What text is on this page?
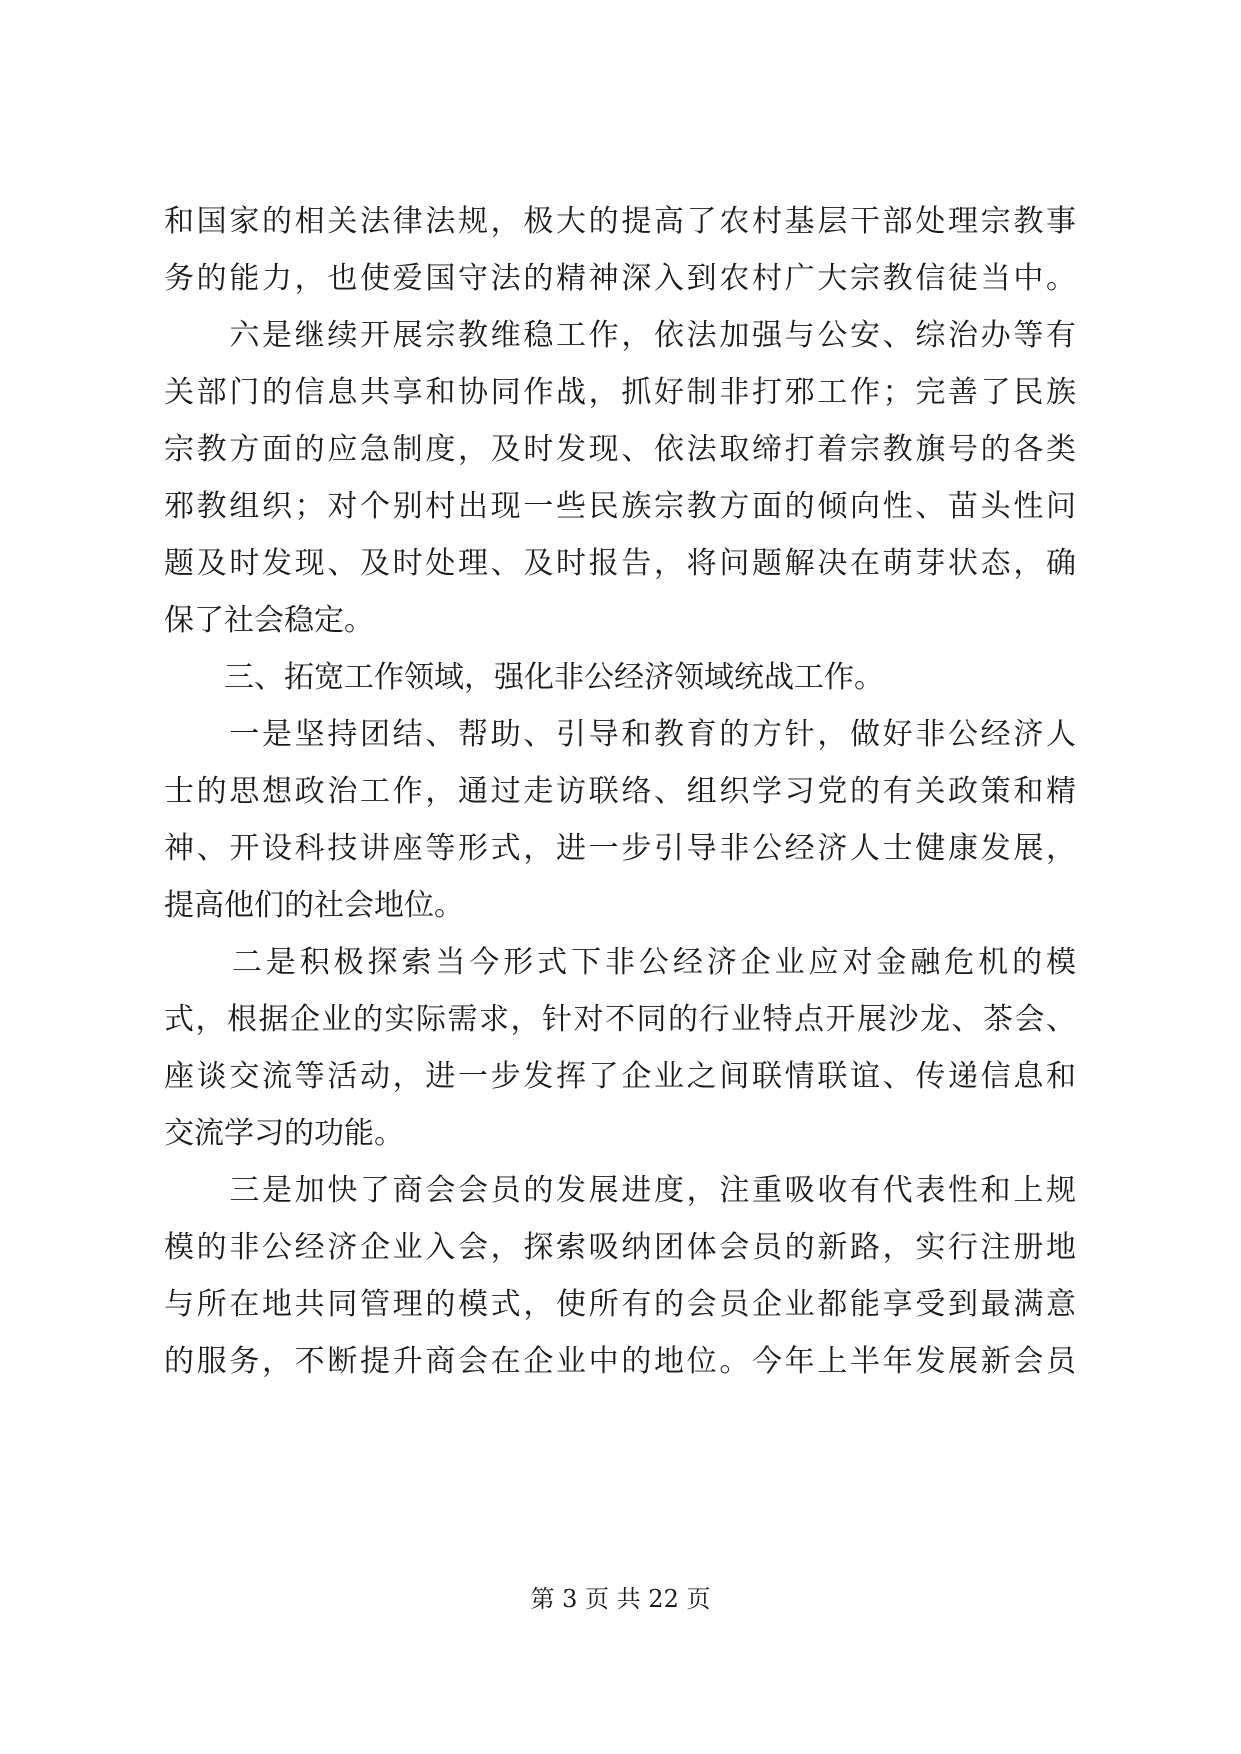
和国家的相关法律法规，极大的提高了农村基层干部处理宗教事
务的能力，也使爱国守法的精神深入到农村广大宗教信徒当中。
　　六是继续开展宗教维稳工作，依法加强与公安、综治办等有
关部门的信息共享和协同作战，抓好制非打邪工作；完善了民族
宗教方面的应急制度，及时发现、依法取缔打着宗教旗号的各类
邪教组织；对个别村出现一些民族宗教方面的倾向性、苗头性问
题及时发现、及时处理、及时报告，将问题解决在萌芽状态，确
保了社会稳定。
　　三、拓宽工作领域，强化非公经济领域统战工作。
　　一是坚持团结、帮助、引导和教育的方针，做好非公经济人
士的思想政治工作，通过走访联络、组织学习党的有关政策和精
神、开设科技讲座等形式，进一步引导非公经济人士健康发展，
提高他们的社会地位。
　　二是积极探索当今形式下非公经济企业应对金融危机的模
式，根据企业的实际需求，针对不同的行业特点开展沙龙、茶会、
座谈交流等活动，进一步发挥了企业之间联情联谊、传递信息和
交流学习的功能。
　　三是加快了商会会员的发展进度，注重吸收有代表性和上规
模的非公经济企业入会，探索吸纳团体会员的新路，实行注册地
与所在地共同管理的模式，使所有的会员企业都能享受到最满意
的服务，不断提升商会在企业中的地位。今年上半年发展新会员
第 3 页 共 22 页
